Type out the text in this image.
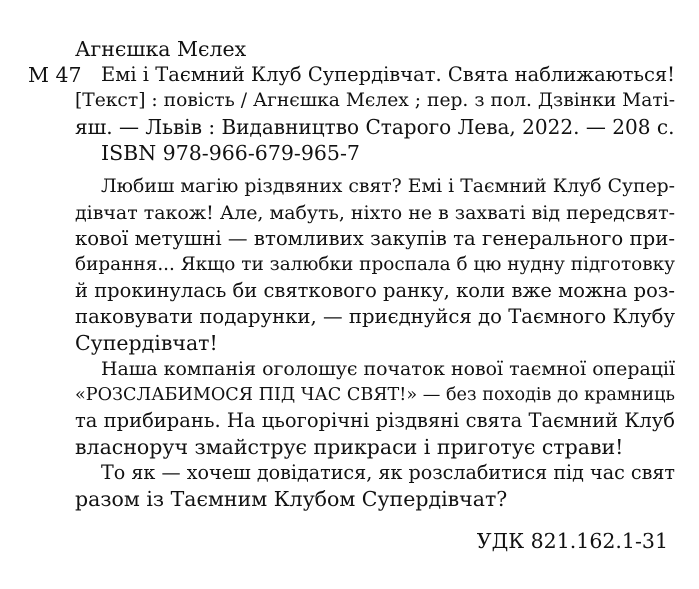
Агнєшка Мєлех
М 47 Емі і Таємний Клуб Супердівчат. Свята наближаються!
[Текст] : повість / Агнєшка Мєлех ; пер. з пол. Дзвінки Маті-
яш. — Львів : Видавництво Старого Лева, 2022. — 208 с.
ISBN 978-966-679-965-7
Любиш магію різдвяних свят? Емі і Таємний Клуб Супер-
дівчат також! Але, мабуть, ніхто не в захваті від передсвят-
кової метушні — втомливих закупів та генерального при-
бирання... Якщо ти залюбки проспала б цю нудну підготовку
й прокинулась би святкового ранку, коли вже можна роз-
паковувати подарунки, — приєднуйся до Таємного Клубу
Супердівчат!
Наша компанія оголошує початок нової таємної операції
«РОЗСЛАБИМОСЯ ПІД ЧАС СВЯТ!» — без походів до крамниць
та прибирань. На цьогорічні різдвяні свята Таємний Клуб
власноруч змайструє прикраси і приготує страви!
То як — хочеш довідатися, як розслабитися під час свят
разом із Таємним Клубом Супердівчат?
УДК 821.162.1-31
